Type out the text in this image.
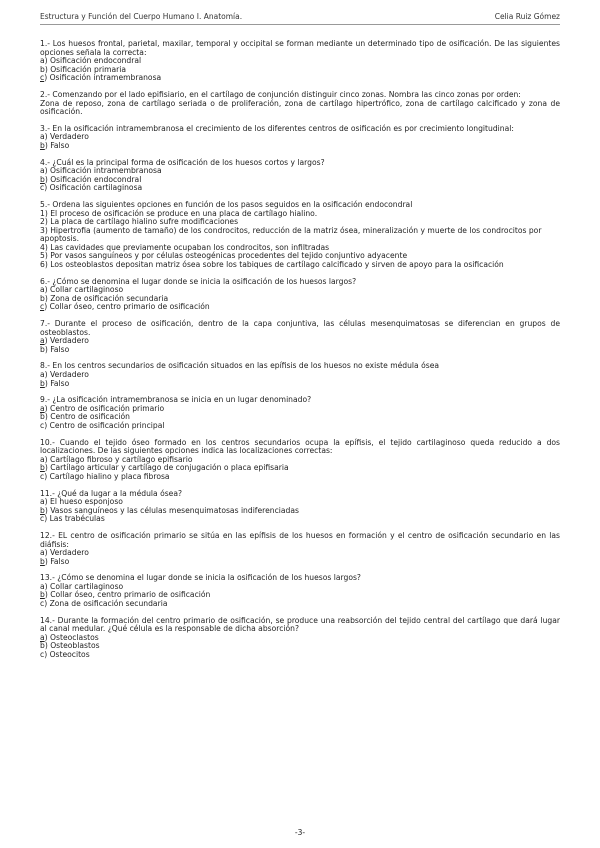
Estructura y Función del Cuerpo Humano I. Anatomía.	Celia Ruiz Gómez

1.- Los huesos frontal, parietal, maxilar, temporal y occipital se forman mediante un determinado tipo de osificación. De las siguientes opciones señala la correcta:

a) Osificación endocondral
b) Osificación primaria
c) Osificación intramembranosa

2.- Comenzando por el lado epifisiario, en el cartílago de conjunción distinguir cinco zonas. Nombra las cinco zonas por orden:

Zona de reposo, zona de cartílago seriada o de proliferación, zona de cartílago hipertrófico, zona de cartílago calcificado y zona de osificación.

3.- En la osificación intramembranosa el crecimiento de los diferentes centros de osificación es por crecimiento longitudinal:

a) Verdadero
b) Falso

4.- ¿Cuál es la principal forma de osificación de los huesos cortos y largos?

a) Osificación intramembranosa
b) Osificación endocondral
c) Osificación cartilaginosa

5.- Ordena las siguientes opciones en función de los pasos seguidos en la osificación endocondral

1) El proceso de osificación se produce en una placa de cartílago hialino.
2) La placa de cartílago hialino sufre modificaciones
3) Hipertrofia (aumento de tamaño) de los condrocitos, reducción de la matriz ósea, mineralización y muerte de los condrocitos por apoptosis.
4) Las cavidades que previamente ocupaban los condrocitos, son infiltradas
5) Por vasos sanguíneos y por células osteogénicas procedentes del tejido conjuntivo adyacente
6) Los osteoblastos depositan matriz ósea sobre los tabiques de cartílago calcificado y sirven de apoyo para la osificación

6.- ¿Cómo se denomina el lugar donde se inicia la osificación de los huesos largos?

a) Collar cartilaginoso
b) Zona de osificación secundaria
c) Collar óseo, centro primario de osificación

7.- Durante el proceso de osificación, dentro de la capa conjuntiva, las células mesenquimatosas se diferencian en grupos de osteoblastos.

a) Verdadero
b) Falso

8.- En los centros secundarios de osificación situados en las epífisis de los huesos no existe médula ósea

a) Verdadero
b) Falso

9.- ¿La osificación intramembranosa se inicia en un lugar denominado?

a) Centro de osificación primario
b) Centro de osificación
c) Centro de osificación principal

10.- Cuando el tejido óseo formado en los centros secundarios ocupa la epífisis, el tejido cartilaginoso queda reducido a dos localizaciones. De las siguientes opciones indica las localizaciones correctas:

a) Cartílago fibroso y cartílago epifisario
b) Cartílago articular y cartílago de conjugación o placa epifisaria
c) Cartílago hialino y placa fibrosa

11.- ¿Qué da lugar a la médula ósea?

a) El hueso esponjoso
b) Vasos sanguíneos y las células mesenquimatosas indiferenciadas
c) Las trabéculas

12.- EL centro de osificación primario se sitúa en las epífisis de los huesos en formación y el centro de osificación secundario en las diáfisis:

a) Verdadero
b) Falso

13.- ¿Cómo se denomina el lugar donde se inicia la osificación de los huesos largos?

a) Collar cartilaginoso
b) Collar óseo, centro primario de osificación
c) Zona de osificación secundaria

14.- Durante la formación del centro primario de osificación, se produce una reabsorción del tejido central del cartílago que dará lugar al canal medular. ¿Qué célula es la responsable de dicha absorción?

a) Osteoclastos
b) Osteoblastos
c) Osteocitos
-3-
